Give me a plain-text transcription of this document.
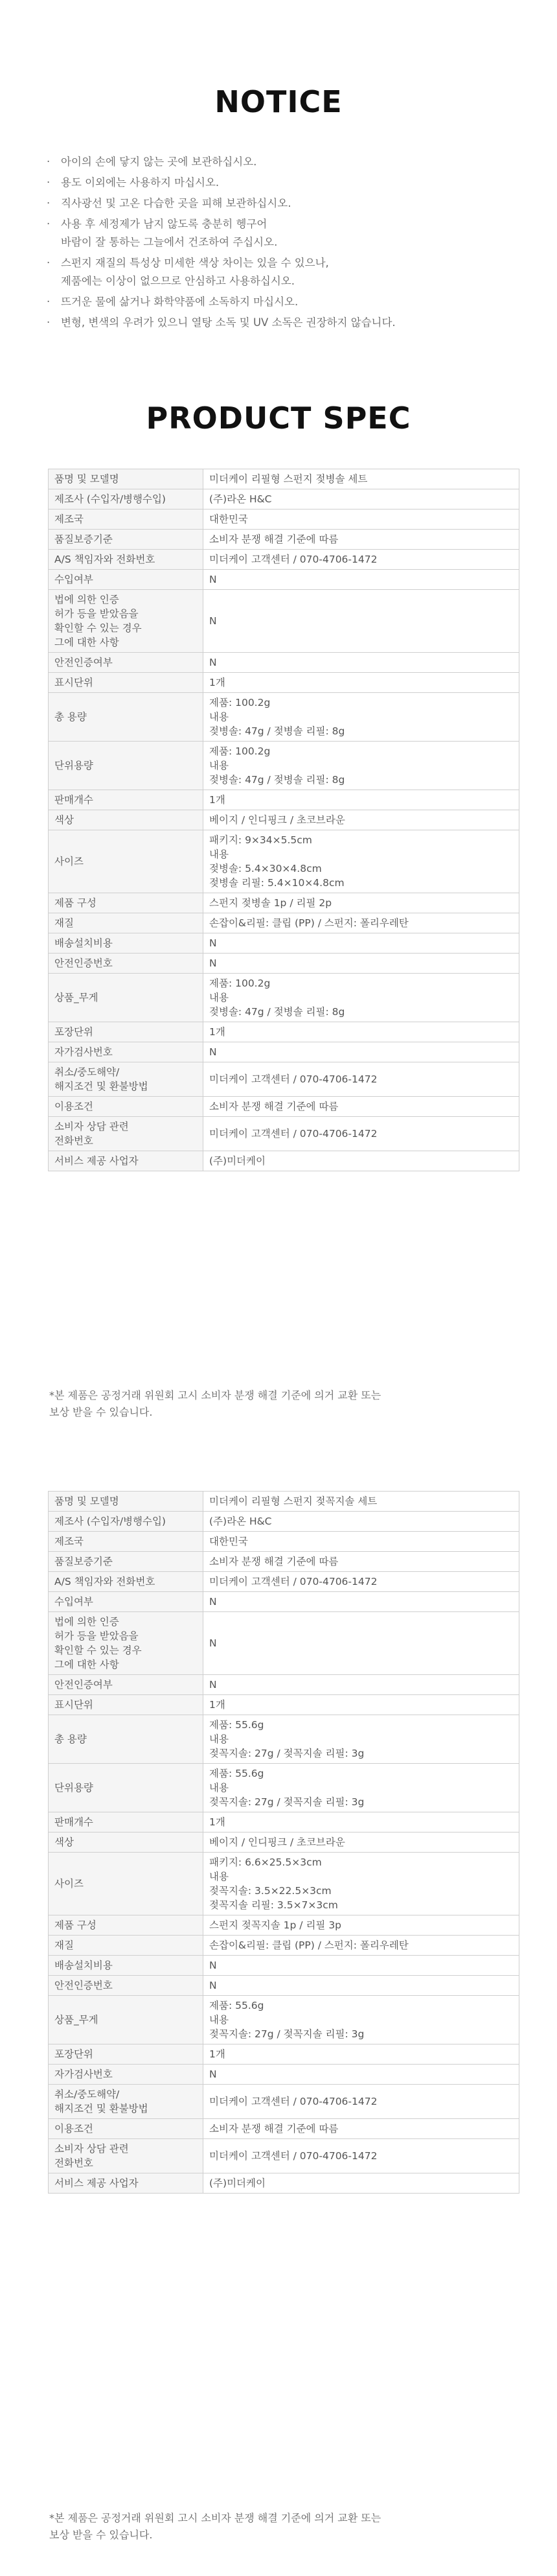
NOTICE
· 아이의 손에 닿지 않는 곳에 보관하십시오.
· 용도 이외에는 사용하지 마십시오.
· 직사광선 및 고온 다습한 곳을 피해 보관하십시오.
· 사용 후 세정제가 남지 않도록 충분히 헹구어
바람이 잘 통하는 그늘에서 건조하여 주십시오.
· 스펀지 재질의 특성상 미세한 색상 차이는 있을 수 있으나,
제품에는 이상이 없으므로 안심하고 사용하십시오.
· 뜨거운 물에 삶거나 화학약품에 소독하지 마십시오.
· 변형, 변색의 우려가 있으니 열탕 소독 및 UV 소독은 권장하지 않습니다.
PRODUCT SPEC
품명 및 모델명	미더케이 리필형 스펀지 젖병솔 세트
제조사 (수입자/병행수입)	(주)라온 H&C
제조국	대한민국
품질보증기준	소비자 분쟁 해결 기준에 따름
A/S 책임자와 전화번호	미더케이 고객센터 / 070-4706-1472
수입여부	N
법에 의한 인증
허가 등을 받았음을
확인할 수 있는 경우
그에 대한 사항	N
안전인증여부	N
표시단위	1개
총 용량	제품: 100.2g
내용
젖병솔: 47g / 젖병솔 리필: 8g
단위용량	제품: 100.2g
내용
젖병솔: 47g / 젖병솔 리필: 8g
판매개수	1개
색상	베이지 / 인디핑크 / 초코브라운
사이즈	패키지: 9×34×5.5cm
내용
젖병솔: 5.4×30×4.8cm
젖병솔 리필: 5.4×10×4.8cm
제품 구성	스펀지 젖병솔 1p / 리필 2p
재질	손잡이&리필: 클립 (PP) / 스펀지: 폴리우레탄
배송설치비용	N
안전인증번호	N
상품_무게	제품: 100.2g
내용
젖병솔: 47g / 젖병솔 리필: 8g
포장단위	1개
자가검사번호	N
취소/중도해약/
해지조건 및 환불방법	미더케이 고객센터 / 070-4706-1472
이용조건	소비자 분쟁 해결 기준에 따름
소비자 상담 관련
전화번호	미더케이 고객센터 / 070-4706-1472
서비스 제공 사업자	(주)미더케이

*본 제품은 공정거래 위원회 고시 소비자 분쟁 해결 기준에 의거 교환 또는
보상 받을 수 있습니다.

품명 및 모델명	미더케이 리필형 스펀지 젖꼭지솔 세트
제조사 (수입자/병행수입)	(주)라온 H&C
제조국	대한민국
품질보증기준	소비자 분쟁 해결 기준에 따름
A/S 책임자와 전화번호	미더케이 고객센터 / 070-4706-1472
수입여부	N
법에 의한 인증
허가 등을 받았음을
확인할 수 있는 경우
그에 대한 사항	N
안전인증여부	N
표시단위	1개
총 용량	제품: 55.6g
내용
젖꼭지솔: 27g / 젖꼭지솔 리필: 3g
단위용량	제품: 55.6g
내용
젖꼭지솔: 27g / 젖꼭지솔 리필: 3g
판매개수	1개
색상	베이지 / 인디핑크 / 초코브라운
사이즈	패키지: 6.6×25.5×3cm
내용
젖꼭지솔: 3.5×22.5×3cm
젖꼭지솔 리필: 3.5×7×3cm
제품 구성	스펀지 젖꼭지솔 1p / 리필 3p
재질	손잡이&리필: 클립 (PP) / 스펀지: 폴리우레탄
배송설치비용	N
안전인증번호	N
상품_무게	제품: 55.6g
내용
젖꼭지솔: 27g / 젖꼭지솔 리필: 3g
포장단위	1개
자가검사번호	N
취소/중도해약/
해지조건 및 환불방법	미더케이 고객센터 / 070-4706-1472
이용조건	소비자 분쟁 해결 기준에 따름
소비자 상담 관련
전화번호	미더케이 고객센터 / 070-4706-1472
서비스 제공 사업자	(주)미더케이

*본 제품은 공정거래 위원회 고시 소비자 분쟁 해결 기준에 의거 교환 또는
보상 받을 수 있습니다.
